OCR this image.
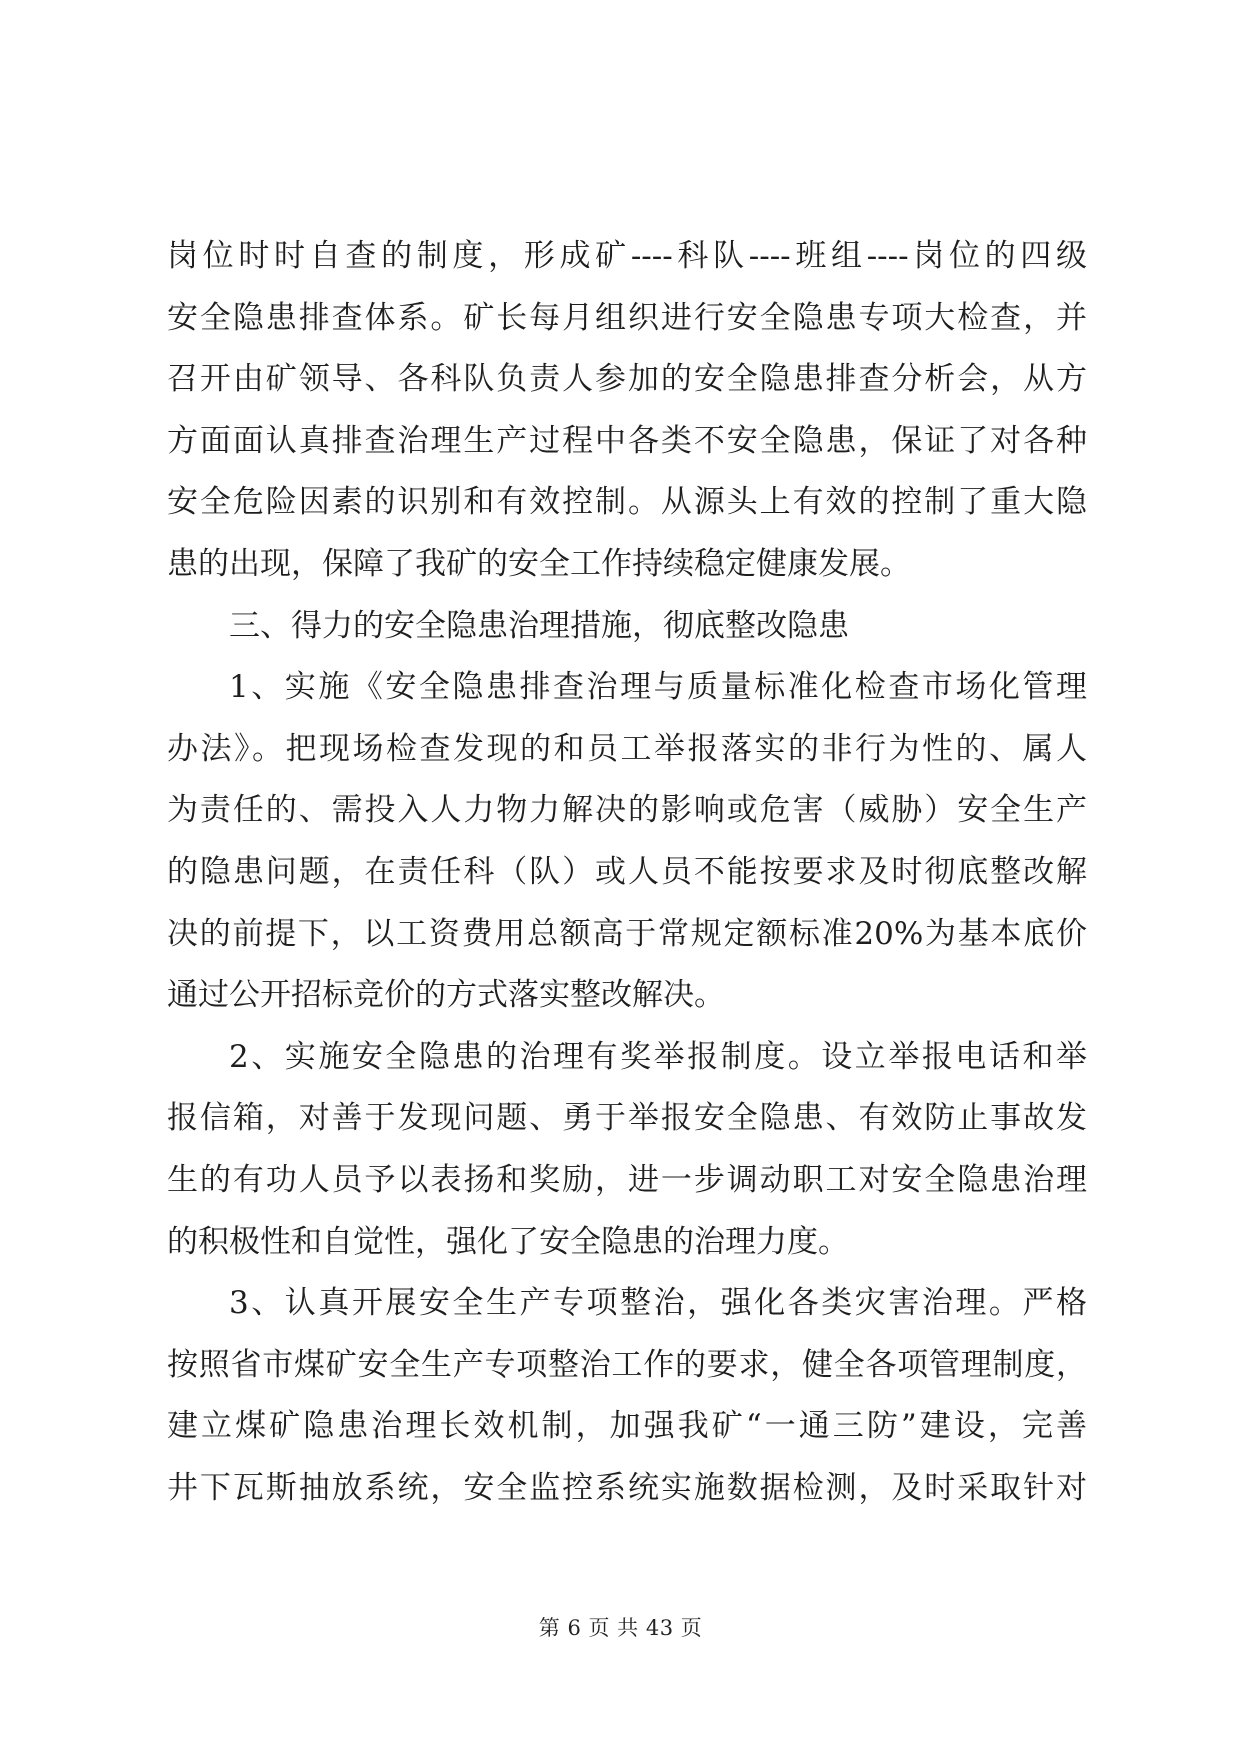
岗位时时自查的制度，形成矿----科队----班组----岗位的四级
安全隐患排查体系。矿长每月组织进行安全隐患专项大检查，并
召开由矿领导、各科队负责人参加的安全隐患排查分析会，从方
方面面认真排查治理生产过程中各类不安全隐患，保证了对各种
安全危险因素的识别和有效控制。从源头上有效的控制了重大隐
患的出现，保障了我矿的安全工作持续稳定健康发展。
三、得力的安全隐患治理措施，彻底整改隐患
1、实施《安全隐患排查治理与质量标准化检查市场化管理
办法》。把现场检查发现的和员工举报落实的非行为性的、属人
为责任的、需投入人力物力解决的影响或危害（威胁）安全生产
的隐患问题，在责任科（队）或人员不能按要求及时彻底整改解
决的前提下，以工资费用总额高于常规定额标准20%为基本底价
通过公开招标竞价的方式落实整改解决。
2、实施安全隐患的治理有奖举报制度。设立举报电话和举
报信箱，对善于发现问题、勇于举报安全隐患、有效防止事故发
生的有功人员予以表扬和奖励，进一步调动职工对安全隐患治理
的积极性和自觉性，强化了安全隐患的治理力度。
3、认真开展安全生产专项整治，强化各类灾害治理。严格
按照省市煤矿安全生产专项整治工作的要求，健全各项管理制度，
建立煤矿隐患治理长效机制，加强我矿“一通三防”建设，完善
井下瓦斯抽放系统，安全监控系统实施数据检测，及时采取针对
第 6 页 共 43 页
